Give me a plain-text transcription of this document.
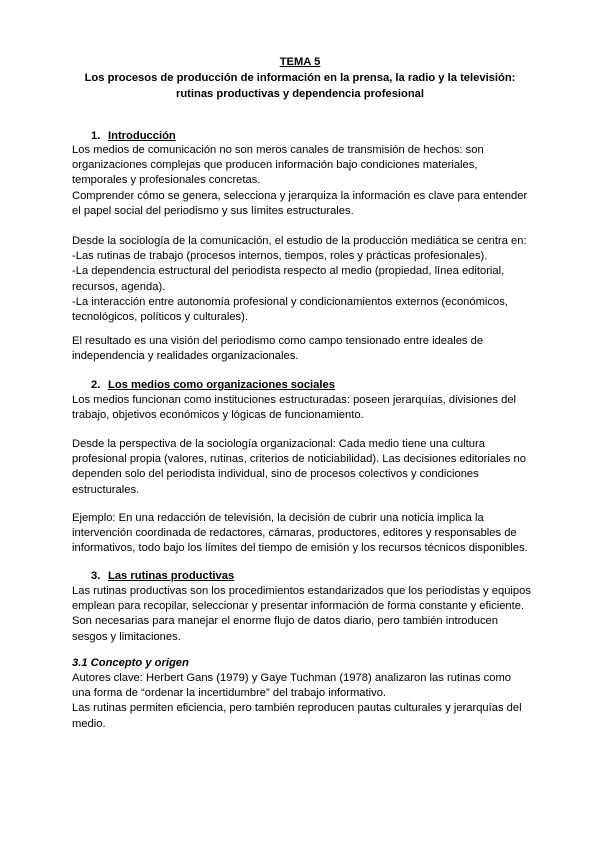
TEMA 5
Los procesos de producción de información en la prensa, la radio y la televisión:
rutinas productivas y dependencia profesional
1. Introducción
Los medios de comunicación no son meros canales de transmisión de hechos: son
organizaciones complejas que producen información bajo condiciones materiales,
temporales y profesionales concretas.
Comprender cómo se genera, selecciona y jerarquiza la información es clave para entender
el papel social del periodismo y sus límites estructurales.
Desde la sociología de la comunicación, el estudio de la producción mediática se centra en:
-Las rutinas de trabajo (procesos internos, tiempos, roles y prácticas profesionales).
-La dependencia estructural del periodista respecto al medio (propiedad, línea editorial,
recursos, agenda).
-La interacción entre autonomía profesional y condicionamientos externos (económicos,
tecnológicos, políticos y culturales).
El resultado es una visión del periodismo como campo tensionado entre ideales de
independencia y realidades organizacionales.
2. Los medios como organizaciones sociales
Los medios funcionan como instituciones estructuradas: poseen jerarquías, divisiones del
trabajo, objetivos económicos y lógicas de funcionamiento.
Desde la perspectiva de la sociología organizacional: Cada medio tiene una cultura
profesional propia (valores, rutinas, criterios de noticiabilidad). Las decisiones editoriales no
dependen solo del periodista individual, sino de procesos colectivos y condiciones
estructurales.
Ejemplo: En una redacción de televisión, la decisión de cubrir una noticia implica la
intervención coordinada de redactores, cámaras, productores, editores y responsables de
informativos, todo bajo los límites del tiempo de emisión y los recursos técnicos disponibles.
3. Las rutinas productivas
Las rutinas productivas son los procedimientos estandarizados que los periodistas y equipos
emplean para recopilar, seleccionar y presentar información de forma constante y eficiente.
Son necesarias para manejar el enorme flujo de datos diario, pero también introducen
sesgos y limitaciones.
3.1 Concepto y origen
Autores clave: Herbert Gans (1979) y Gaye Tuchman (1978) analizaron las rutinas como
una forma de “ordenar la incertidumbre” del trabajo informativo.
Las rutinas permiten eficiencia, pero también reproducen pautas culturales y jerarquías del
medio.
